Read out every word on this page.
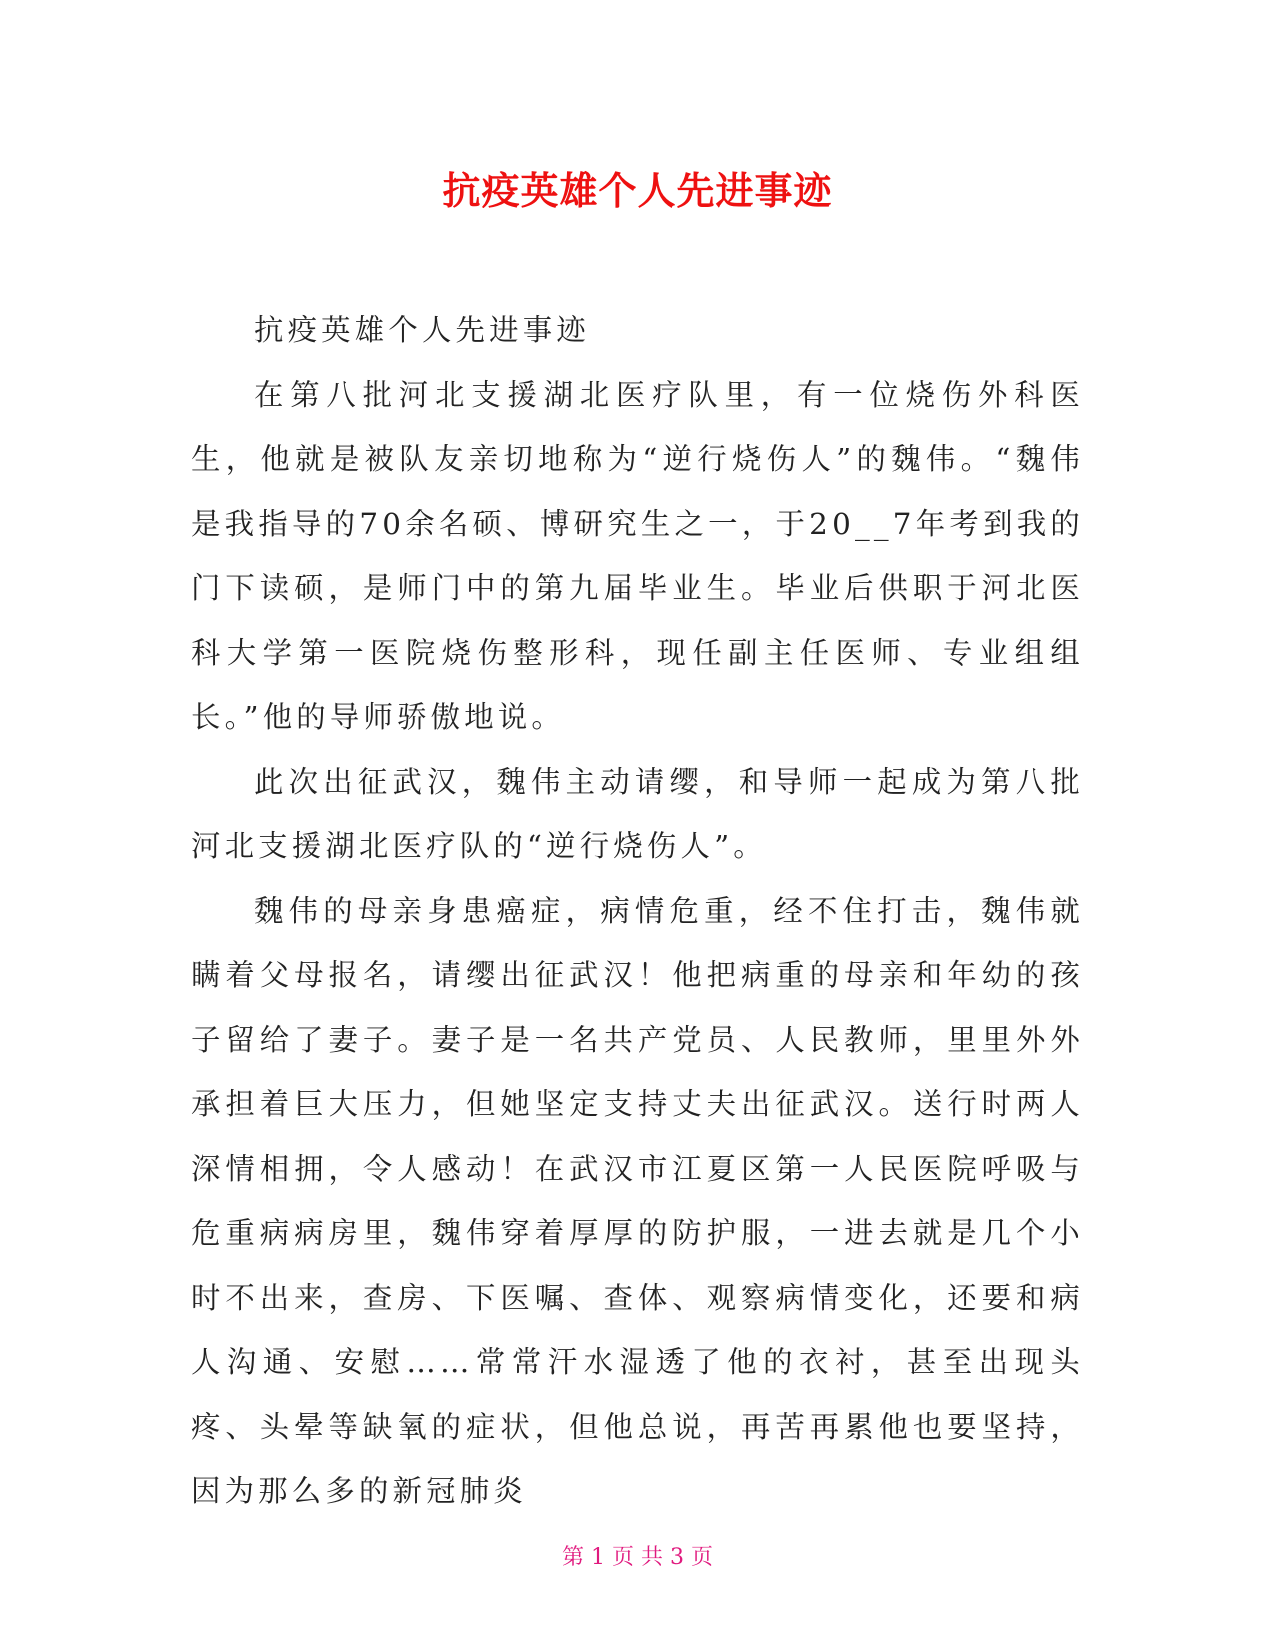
抗疫英雄个人先进事迹

抗疫英雄个人先进事迹

在第八批河北支援湖北医疗队里，有一位烧伤外科医生，他就是被队友亲切地称为“逆行烧伤人”的魏伟。“魏伟是我指导的70余名硕、博研究生之一，于20__7年考到我的门下读硕，是师门中的第九届毕业生。毕业后供职于河北医科大学第一医院烧伤整形科，现任副主任医师、专业组组长。”他的导师骄傲地说。

此次出征武汉，魏伟主动请缨，和导师一起成为第八批河北支援湖北医疗队的“逆行烧伤人”。

魏伟的母亲身患癌症，病情危重，经不住打击，魏伟就瞒着父母报名，请缨出征武汉！他把病重的母亲和年幼的孩子留给了妻子。妻子是一名共产党员、人民教师，里里外外承担着巨大压力，但她坚定支持丈夫出征武汉。送行时两人深情相拥，令人感动！在武汉市江夏区第一人民医院呼吸与危重病病房里，魏伟穿着厚厚的防护服，一进去就是几个小时不出来，查房、下医嘱、查体、观察病情变化，还要和病人沟通、安慰……常常汗水湿透了他的衣衬，甚至出现头疼、头晕等缺氧的症状，但他总说，再苦再累他也要坚持，因为那么多的新冠肺炎

第 1 页 共 3 页
